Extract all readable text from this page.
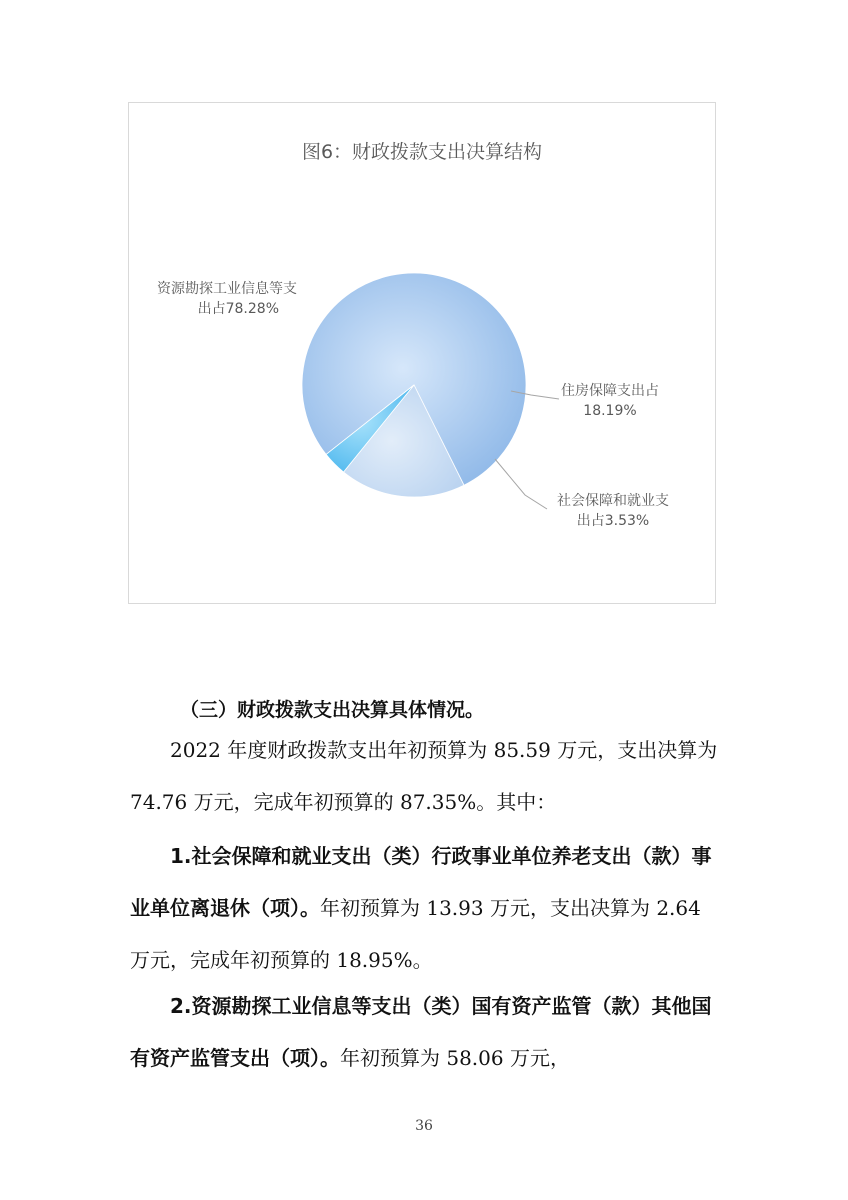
图6：财政拨款支出决算结构
资源勘探工业信息等支
出占78.28%
住房保障支出占
18.19%
社会保障和就业支
出占3.53%

（三）财政拨款支出决算具体情况。

2022 年度财政拨款支出年初预算为 85.59 万元，支出决算为 74.76 万元，完成年初预算的 87.35%。其中：

1.社会保障和就业支出（类）行政事业单位养老支出（款）事业单位离退休（项）。年初预算为 13.93 万元，支出决算为 2.64 万元，完成年初预算的 18.95%。

2.资源勘探工业信息等支出（类）国有资产监管（款）其他国有资产监管支出（项）。年初预算为 58.06 万元，

36
